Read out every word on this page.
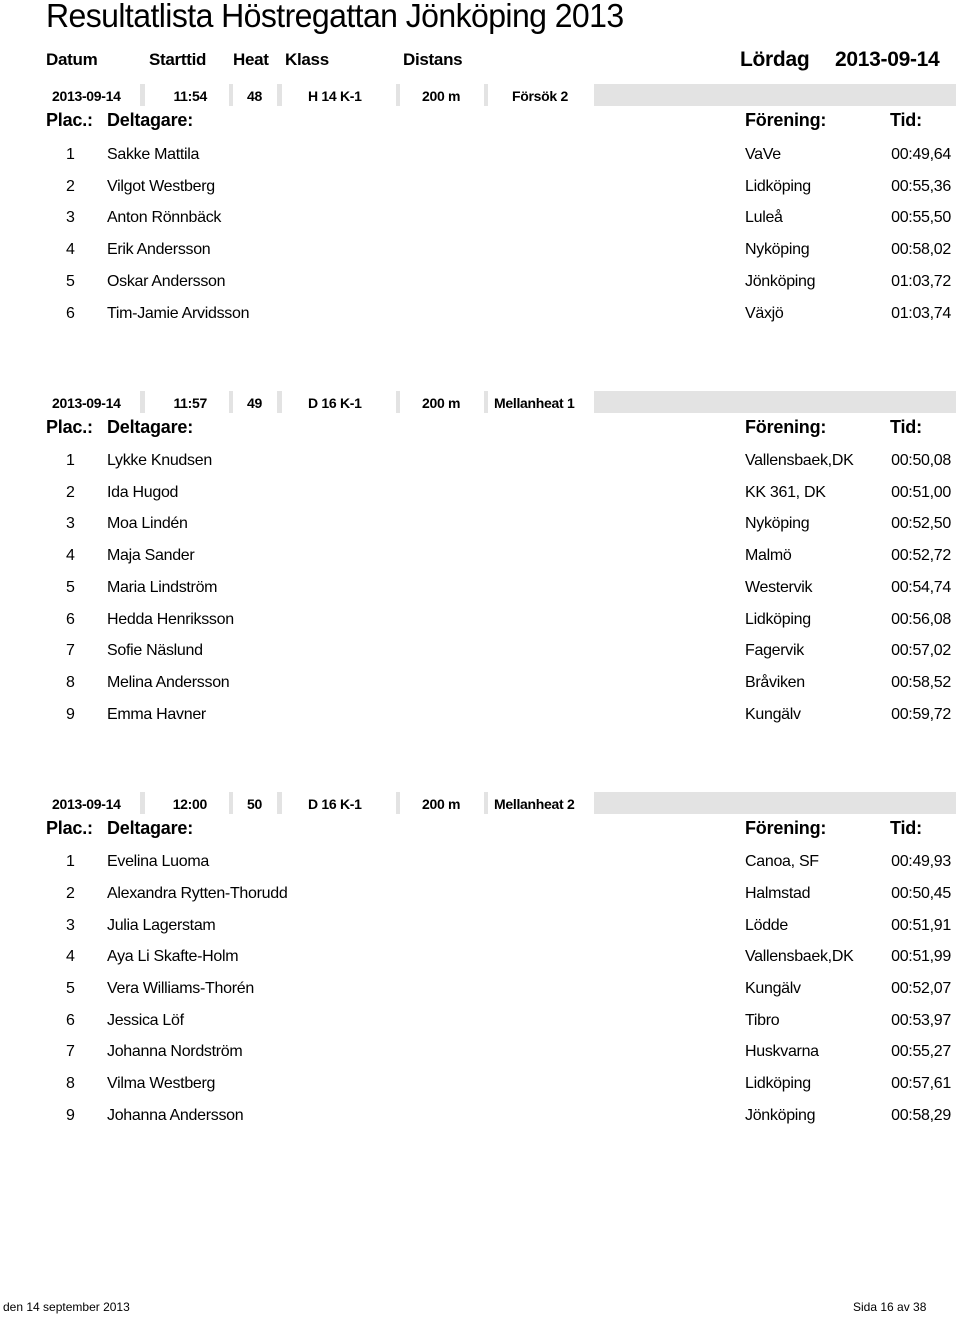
Resultatlista Höstregattan Jönköping 2013
Datum	Starttid Heat Klass	Distans	Lördag 2013-09-14
2013-09-14	11:54	48	H 14 K-1	200 m	Försök 2
Plac.: Deltagare:	Förening:	Tid:
1 Sakke Mattila	VaVe	00:49,64
2 Vilgot Westberg	Lidköping	00:55,36
3 Anton Rönnbäck	Luleå	00:55,50
4 Erik Andersson	Nyköping	00:58,02
5 Oskar Andersson	Jönköping	01:03,72
6 Tim-Jamie Arvidsson	Växjö	01:03,74
2013-09-14	11:57	49	D 16 K-1	200 m	Mellanheat 1
Plac.: Deltagare:	Förening:	Tid:
1 Lykke Knudsen	Vallensbaek,DK 00:50,08
2 Ida Hugod	KK 361, DK	00:51,00
3 Moa Lindén	Nyköping	00:52,50
4 Maja Sander	Malmö	00:52,72
5 Maria Lindström	Westervik	00:54,74
6 Hedda Henriksson	Lidköping	00:56,08
7 Sofie Näslund	Fagervik	00:57,02
8 Melina Andersson	Bråviken	00:58,52
9 Emma Havner	Kungälv	00:59,72
2013-09-14	12:00	50	D 16 K-1	200 m	Mellanheat 2
Plac.: Deltagare:	Förening:	Tid:
1 Evelina Luoma	Canoa, SF	00:49,93
2 Alexandra Rytten-Thorudd	Halmstad	00:50,45
3 Julia Lagerstam	Lödde	00:51,91
4 Aya Li Skafte-Holm	Vallensbaek,DK 00:51,99
5 Vera Williams-Thorén	Kungälv	00:52,07
6 Jessica Löf	Tibro	00:53,97
7 Johanna Nordström	Huskvarna	00:55,27
8 Vilma Westberg	Lidköping	00:57,61
9 Johanna Andersson	Jönköping	00:58,29
den 14 september 2013	Sida 16 av 38
